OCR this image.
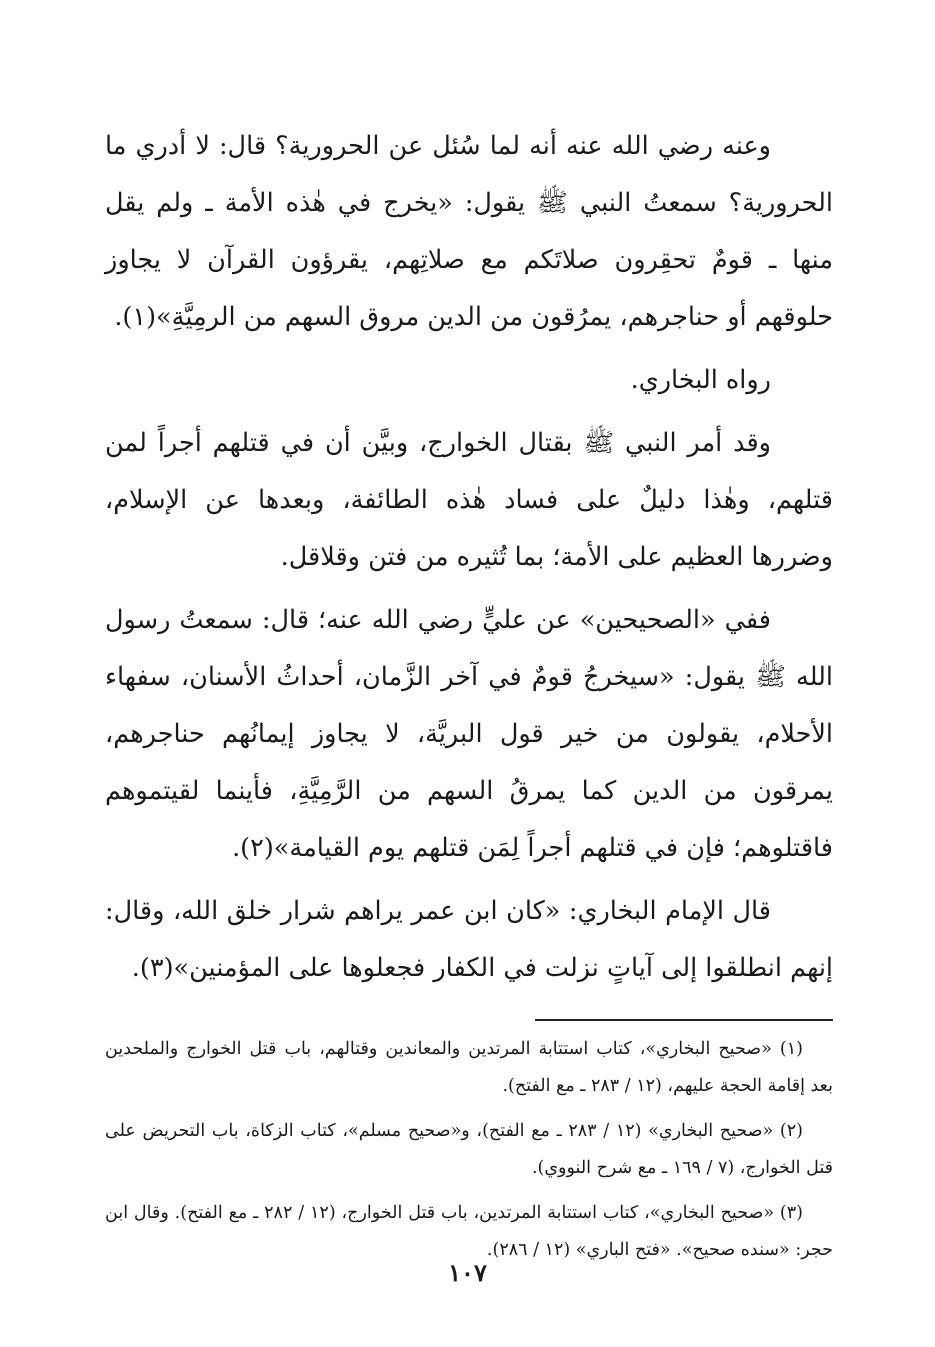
وعنه رضي الله عنه أنه لما سُئل عن الحرورية؟ قال: لا أدري ما الحرورية؟ سمعتُ النبي ﷺ يقول: «يخرج في هٰذه الأمة ـ ولم يقل منها ـ قومٌ تحقِرون صلاتَكم مع صلاتِهم، يقرؤون القرآن لا يجاوز حلوقهم أو حناجرهم، يمرُقون من الدين مروق السهم من الرمِيَّةِ»(١).

رواه البخاري.

وقد أمر النبي ﷺ بقتال الخوارج، وبيَّن أن في قتلهم أجراً لمن قتلهم، وهٰذا دليلٌ على فساد هٰذه الطائفة، وبعدها عن الإسلام، وضررها العظيم على الأمة؛ بما تُثيره من فتن وقلاقل.

ففي «الصحيحين» عن عليٍّ رضي الله عنه؛ قال: سمعتُ رسول الله ﷺ يقول: «سيخرجُ قومٌ في آخر الزَّمان، أحداثُ الأسنان، سفهاء الأحلام، يقولون من خير قول البريَّة، لا يجاوز إيمانُهم حناجرهم، يمرقون من الدين كما يمرقُ السهم من الرَّمِيَّةِ، فأينما لقيتموهم فاقتلوهم؛ فإن في قتلهم أجراً لِمَن قتلهم يوم القيامة»(٢).

قال الإمام البخاري: «كان ابن عمر يراهم شرار خلق الله، وقال: إنهم انطلقوا إلى آياتٍ نزلت في الكفار فجعلوها على المؤمنين»(٣).

(١) «صحيح البخاري»، كتاب استتابة المرتدين والمعاندين وقتالهم، باب قتل الخوارج والملحدين بعد إقامة الحجة عليهم، (١٢ / ٢٨٣ ـ مع الفتح).

(٢) «صحيح البخاري» (١٢ / ٢٨٣ ـ مع الفتح)، و«صحيح مسلم»، كتاب الزكاة، باب التحريض على قتل الخوارج، (٧ / ١٦٩ ـ مع شرح النووي).

(٣) «صحيح البخاري»، كتاب استتابة المرتدين، باب قتل الخوارج، (١٢ / ٢٨٢ ـ مع الفتح). وقال ابن حجر: «سنده صحيح». «فتح الباري» (١٢ / ٢٨٦).

١٠٧
